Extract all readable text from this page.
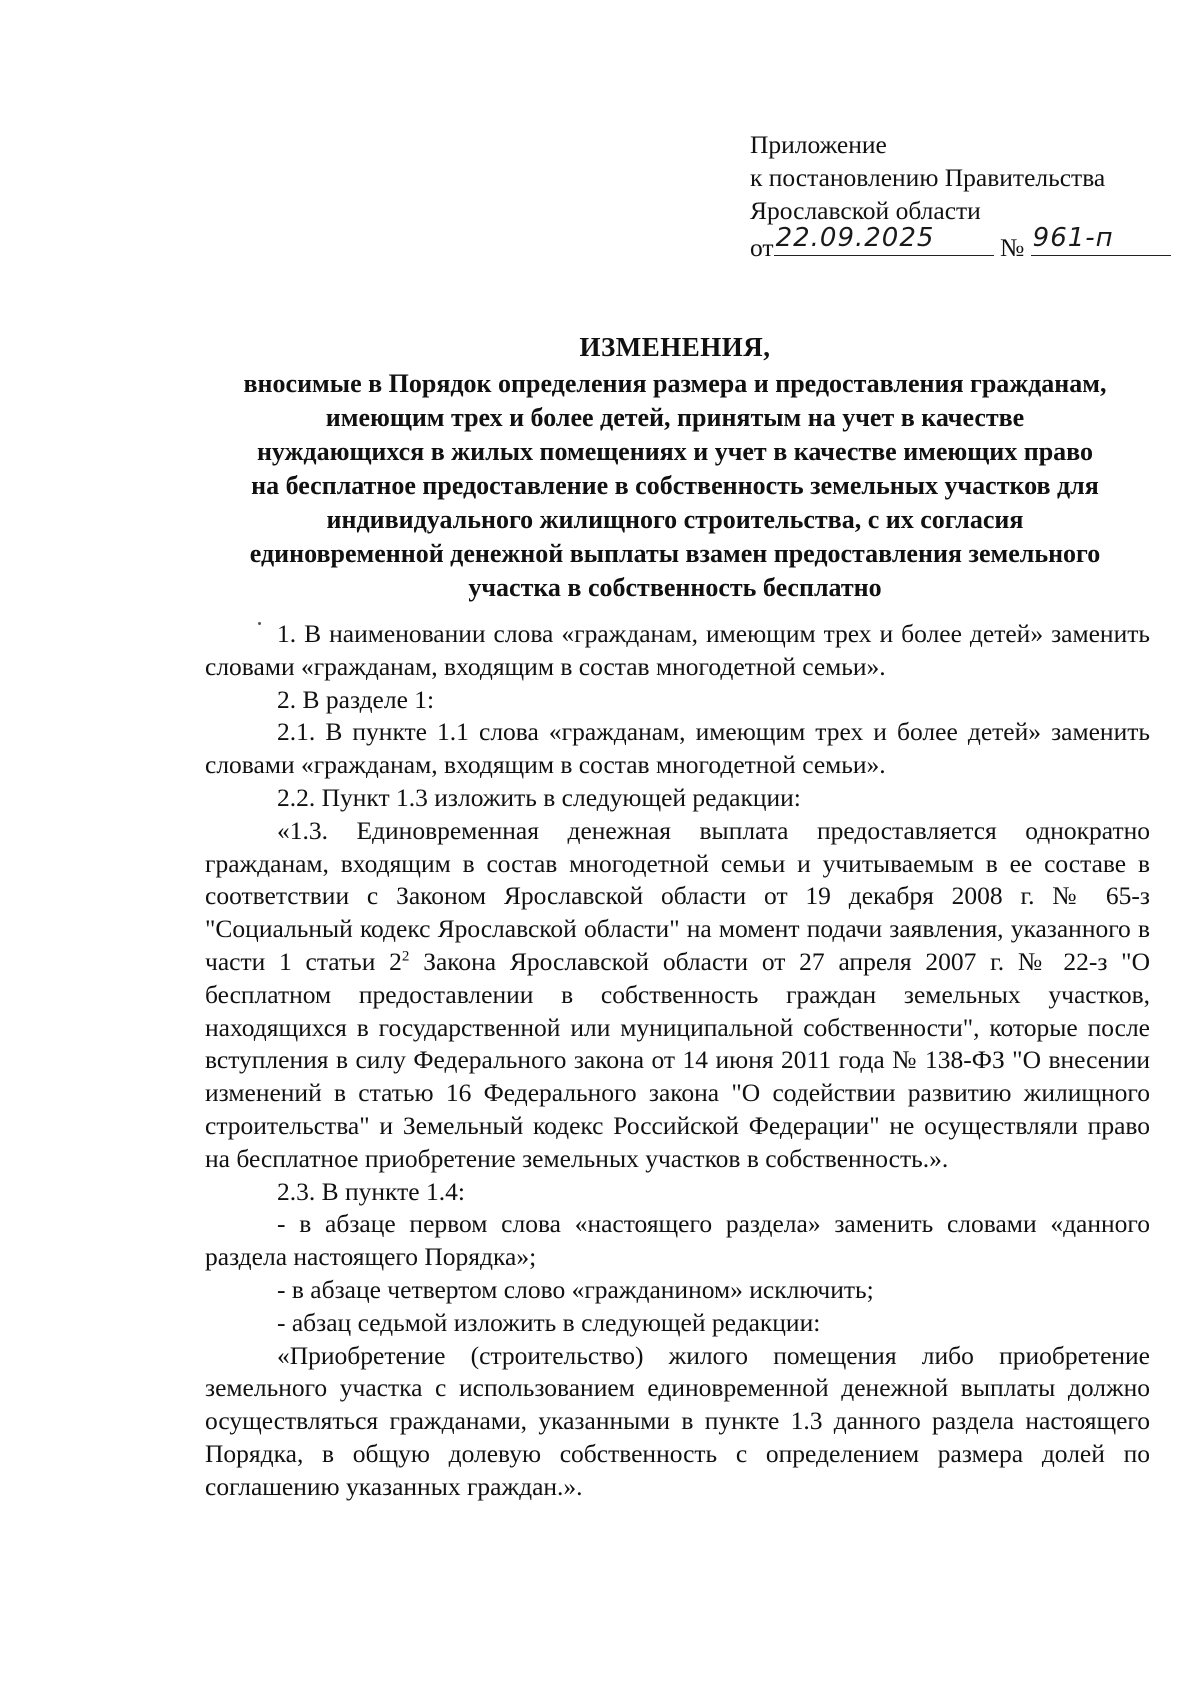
Приложение
к постановлению Правительства
Ярославской области
от 22.09.2025	№ 961-п
ИЗМЕНЕНИЯ,
вносимые в Порядок определения размера и предоставления гражданам,
имеющим трех и более детей, принятым на учет в качестве
нуждающихся в жилых помещениях и учет в качестве имеющих право
на бесплатное предоставление в собственность земельных участков для
индивидуального жилищного строительства, с их согласия
единовременной денежной выплаты взамен предоставления земельного
участка в собственность бесплатно

1. В наименовании слова «гражданам, имеющим трех и более детей» заменить словами «гражданам, входящим в состав многодетной семьи».

2. В разделе 1:

2.1. В пункте 1.1 слова «гражданам, имеющим трех и более детей» заменить словами «гражданам, входящим в состав многодетной семьи».

2.2. Пункт 1.3 изложить в следующей редакции:

«1.3. Единовременная денежная выплата предоставляется однократно гражданам, входящим в состав многодетной семьи и учитываемым в ее составе в соответствии с Законом Ярославской области от 19 декабря 2008 г. № 65-з "Социальный кодекс Ярославской области" на момент подачи заявления, указанного в части 1 статьи $2^2$ Закона Ярославской области от 27 апреля 2007 г. № 22-з "О бесплатном предоставлении в собственность граждан земельных участков, находящихся в государственной или муниципальной собственности", которые после вступления в силу Федерального закона от 14 июня 2011 года № 138-ФЗ "О внесении изменений в статью 16 Федерального закона "О содействии развитию жилищного строительства" и Земельный кодекс Российской Федерации" не осуществляли право на бесплатное приобретение земельных участков в собственность.».

2.3. В пункте 1.4:

- в абзаце первом слова «настоящего раздела» заменить словами «данного раздела настоящего Порядка»;

- в абзаце четвертом слово «гражданином» исключить;

- абзац седьмой изложить в следующей редакции:

«Приобретение (строительство) жилого помещения либо приобретение земельного участка с использованием единовременной денежной выплаты должно осуществляться гражданами, указанными в пункте 1.3 данного раздела настоящего Порядка, в общую долевую собственность с определением размера долей по соглашению указанных граждан.».
